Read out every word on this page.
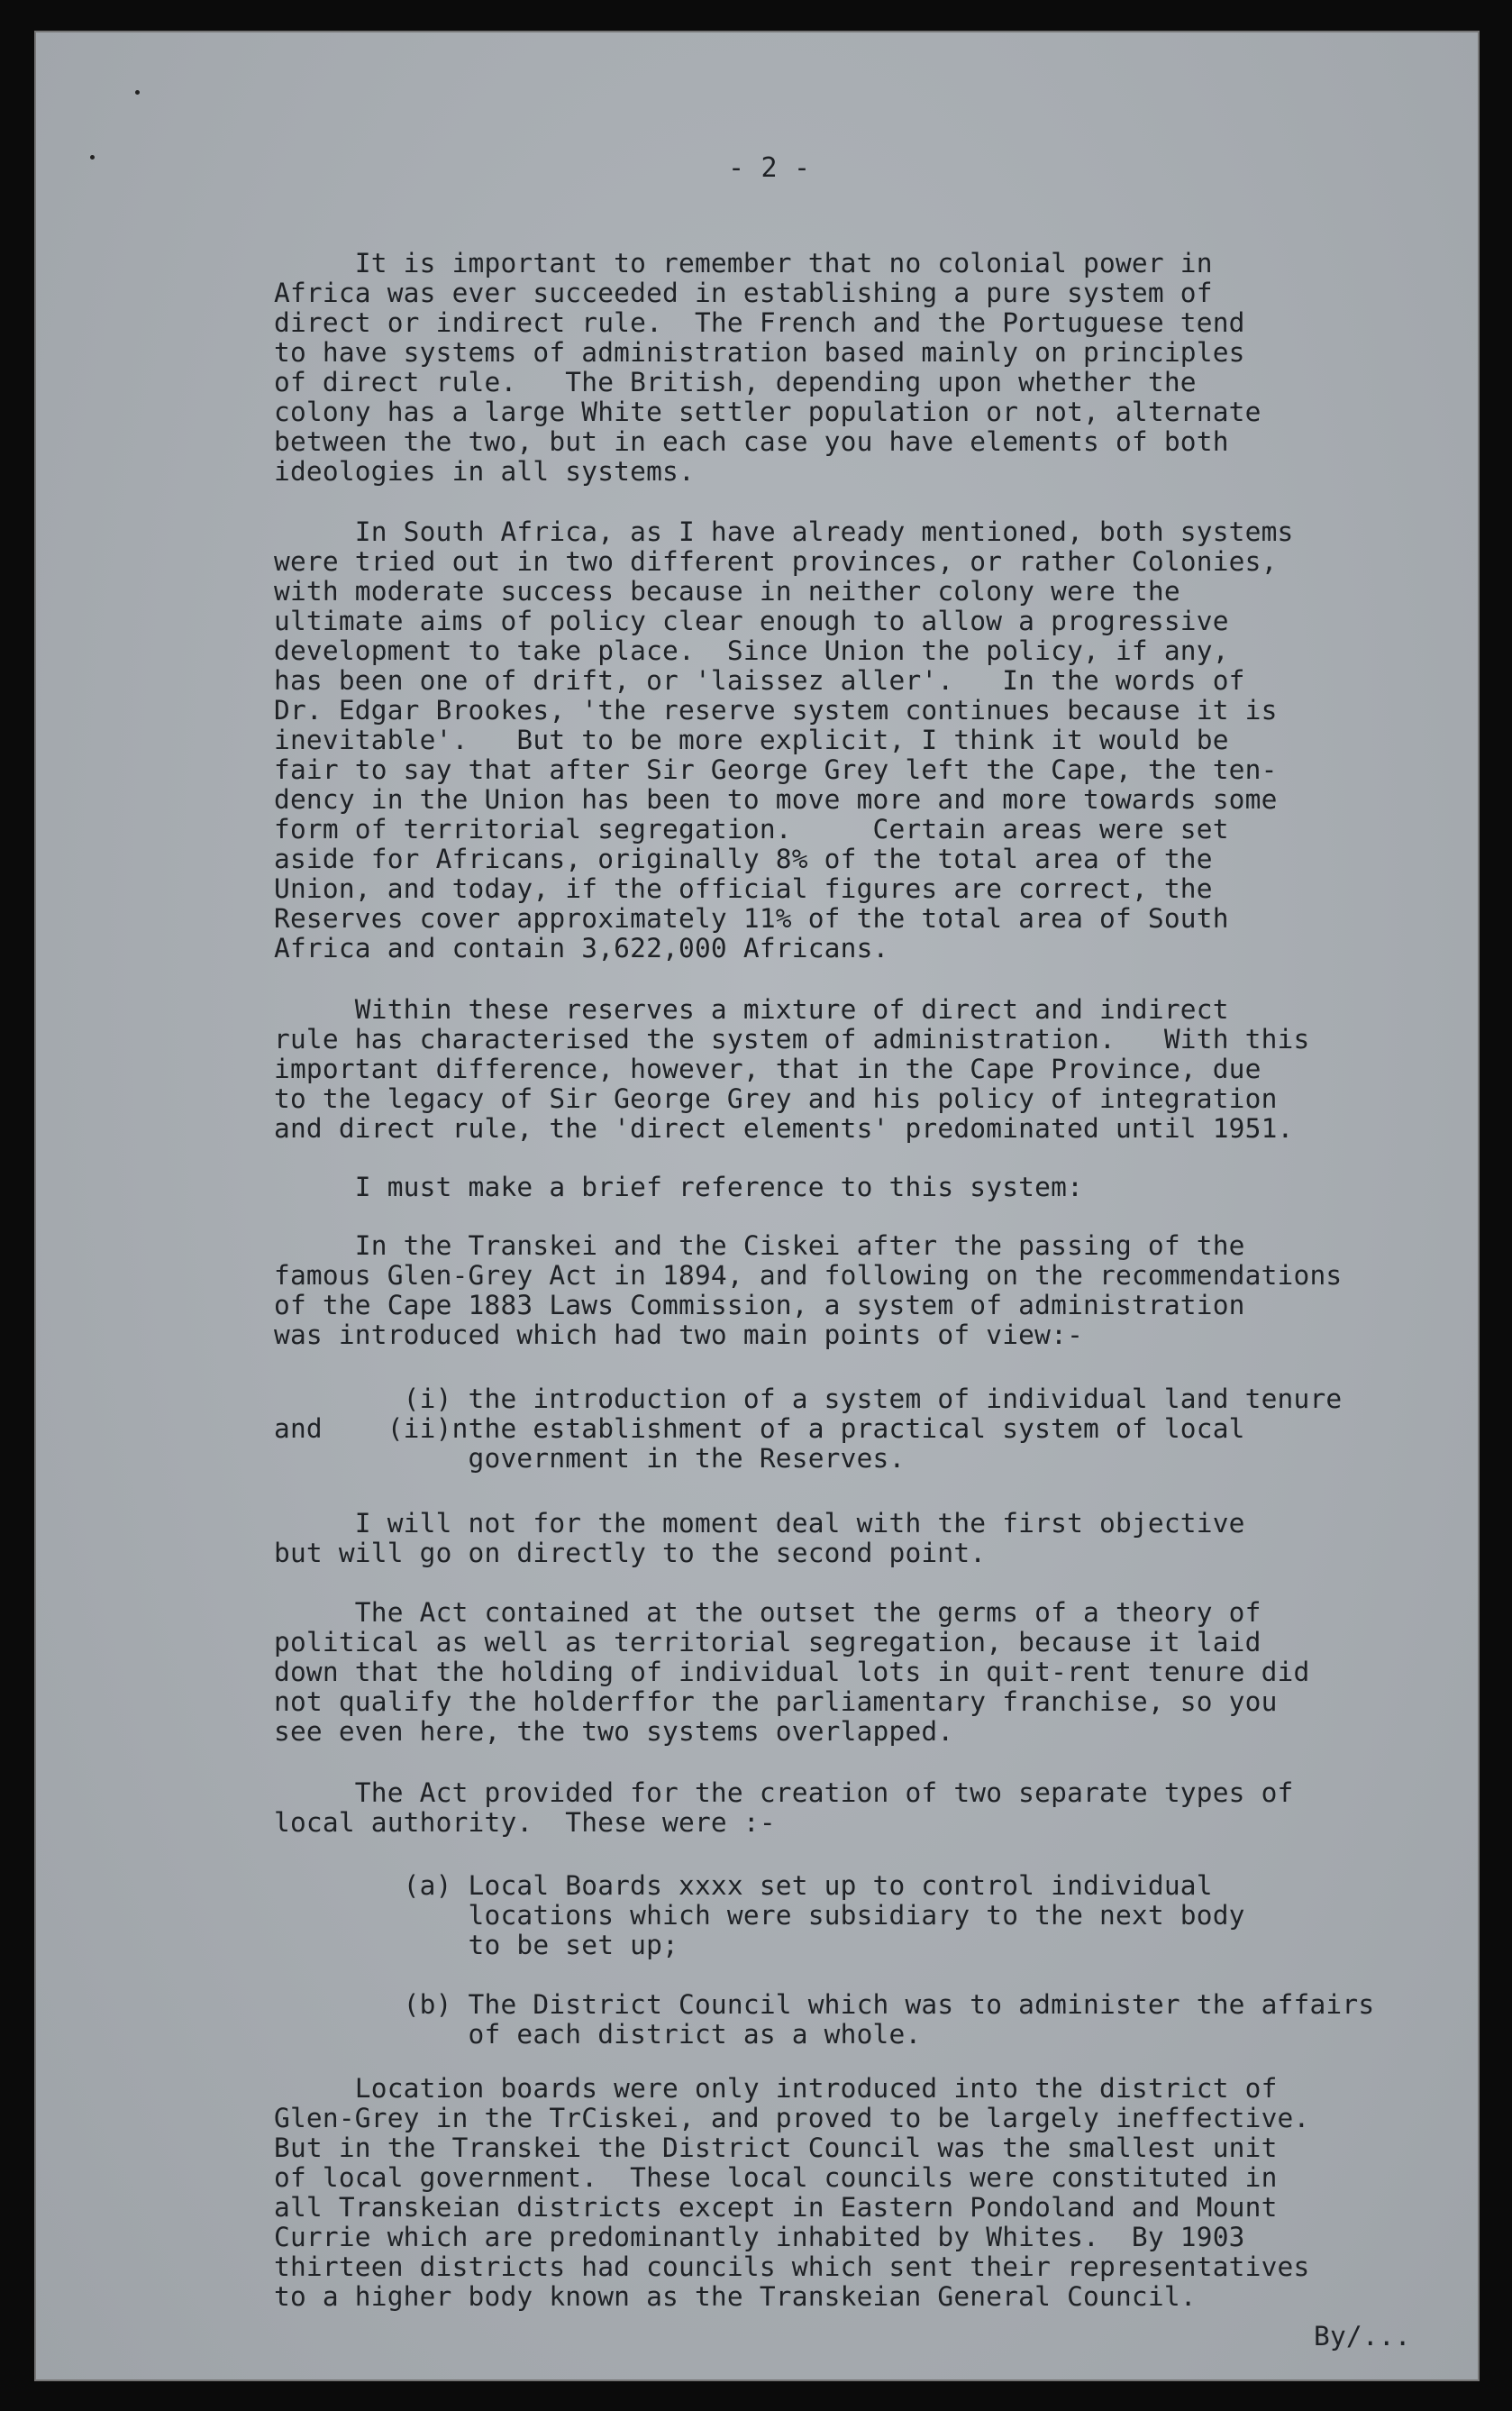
- 2 -
It is important to remember that no colonial power in
Africa was ever succeeded in establishing a pure system of
direct or indirect rule.  The French and the Portuguese tend
to have systems of administration based mainly on principles
of direct rule.   The British, depending upon whether the
colony has a large White settler population or not, alternate
between the two, but in each case you have elements of both
ideologies in all systems.
In South Africa, as I have already mentioned, both systems
were tried out in two different provinces, or rather Colonies,
with moderate success because in neither colony were the
ultimate aims of policy clear enough to allow a progressive
development to take place.  Since Union the policy, if any,
has been one of drift, or 'laissez aller'.   In the words of
Dr. Edgar Brookes, 'the reserve system continues because it is
inevitable'.   But to be more explicit, I think it would be
fair to say that after Sir George Grey left the Cape, the ten-
dency in the Union has been to move more and more towards some
form of territorial segregation.     Certain areas were set
aside for Africans, originally 8% of the total area of the
Union, and today, if the official figures are correct, the
Reserves cover approximately 11% of the total area of South
Africa and contain 3,622,000 Africans.
Within these reserves a mixture of direct and indirect
rule has characterised the system of administration.   With this
important difference, however, that in the Cape Province, due
to the legacy of Sir George Grey and his policy of integration
and direct rule, the 'direct elements' predominated until 1951.
I must make a brief reference to this system:
In the Transkei and the Ciskei after the passing of the
famous Glen-Grey Act in 1894, and following on the recommendations
of the Cape 1883 Laws Commission, a system of administration
was introduced which had two main points of view:-
(i) the introduction of a system of individual land tenure
and    (ii)nthe establishment of a practical system of local
government in the Reserves.
I will not for the moment deal with the first objective
but will go on directly to the second point.
The Act contained at the outset the germs of a theory of
political as well as territorial segregation, because it laid
down that the holding of individual lots in quit-rent tenure did
not qualify the holderffor the parliamentary franchise, so you
see even here, the two systems overlapped.
The Act provided for the creation of two separate types of
local authority.  These were :-
(a) Local Boards xxxx set up to control individual
locations which were subsidiary to the next body
to be set up;

(b) The District Council which was to administer the affairs
of each district as a whole.
Location boards were only introduced into the district of
Glen-Grey in the TrCiskei, and proved to be largely ineffective.
But in the Transkei the District Council was the smallest unit
of local government.  These local councils were constituted in
all Transkeian districts except in Eastern Pondoland and Mount
Currie which are predominantly inhabited by Whites.  By 1903
thirteen districts had councils which sent their representatives
to a higher body known as the Transkeian General Council.
By/...
